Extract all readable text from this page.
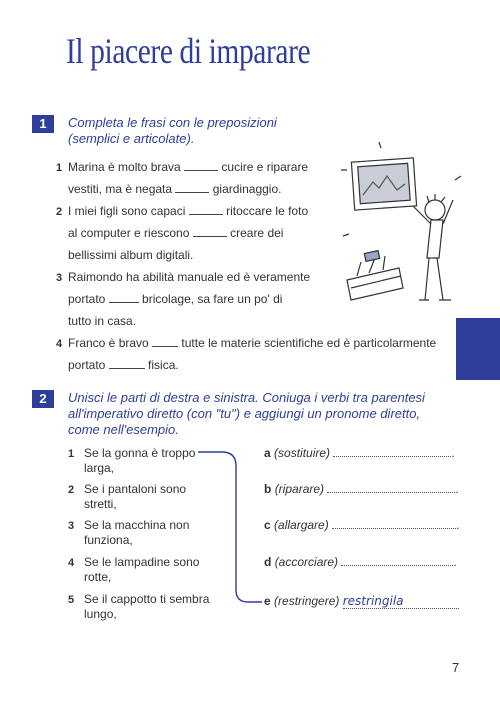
Il piacere di imparare
1	Completa le frasi con le preposizioni
(semplici e articolate).
1 Marina è molto brava	cucire e riparare
vestiti, ma è negata	giardinaggio.
2 I miei figli sono capaci	ritoccare le foto
al computer e riescono	creare dei
bellissimi album digitali.
3 Raimondo ha abilità manuale ed è veramente
portato	bricolage, sa fare un po' di
tutto in casa.
4 Franco è bravo	tutte le materie scientifiche ed è particolarmente
portato	fisica.
2	Unisci le parti di destra e sinistra. Coniuga i verbi tra parentesi
all'imperativo diretto (con "tu") e aggiungi un pronome diretto,
come nell'esempio.
1 Se la gonna è troppo
larga,
2 Se i pantaloni sono
stretti,
3 Se la macchina non
funziona,
4 Se le lampadine sono
rotte,
5 Se il cappotto ti sembra
lungo,
a (sostituire)	.
b (riparare)	.
c (allargare)	.
d (accorciare)	.
e (restringere) restringila
7
